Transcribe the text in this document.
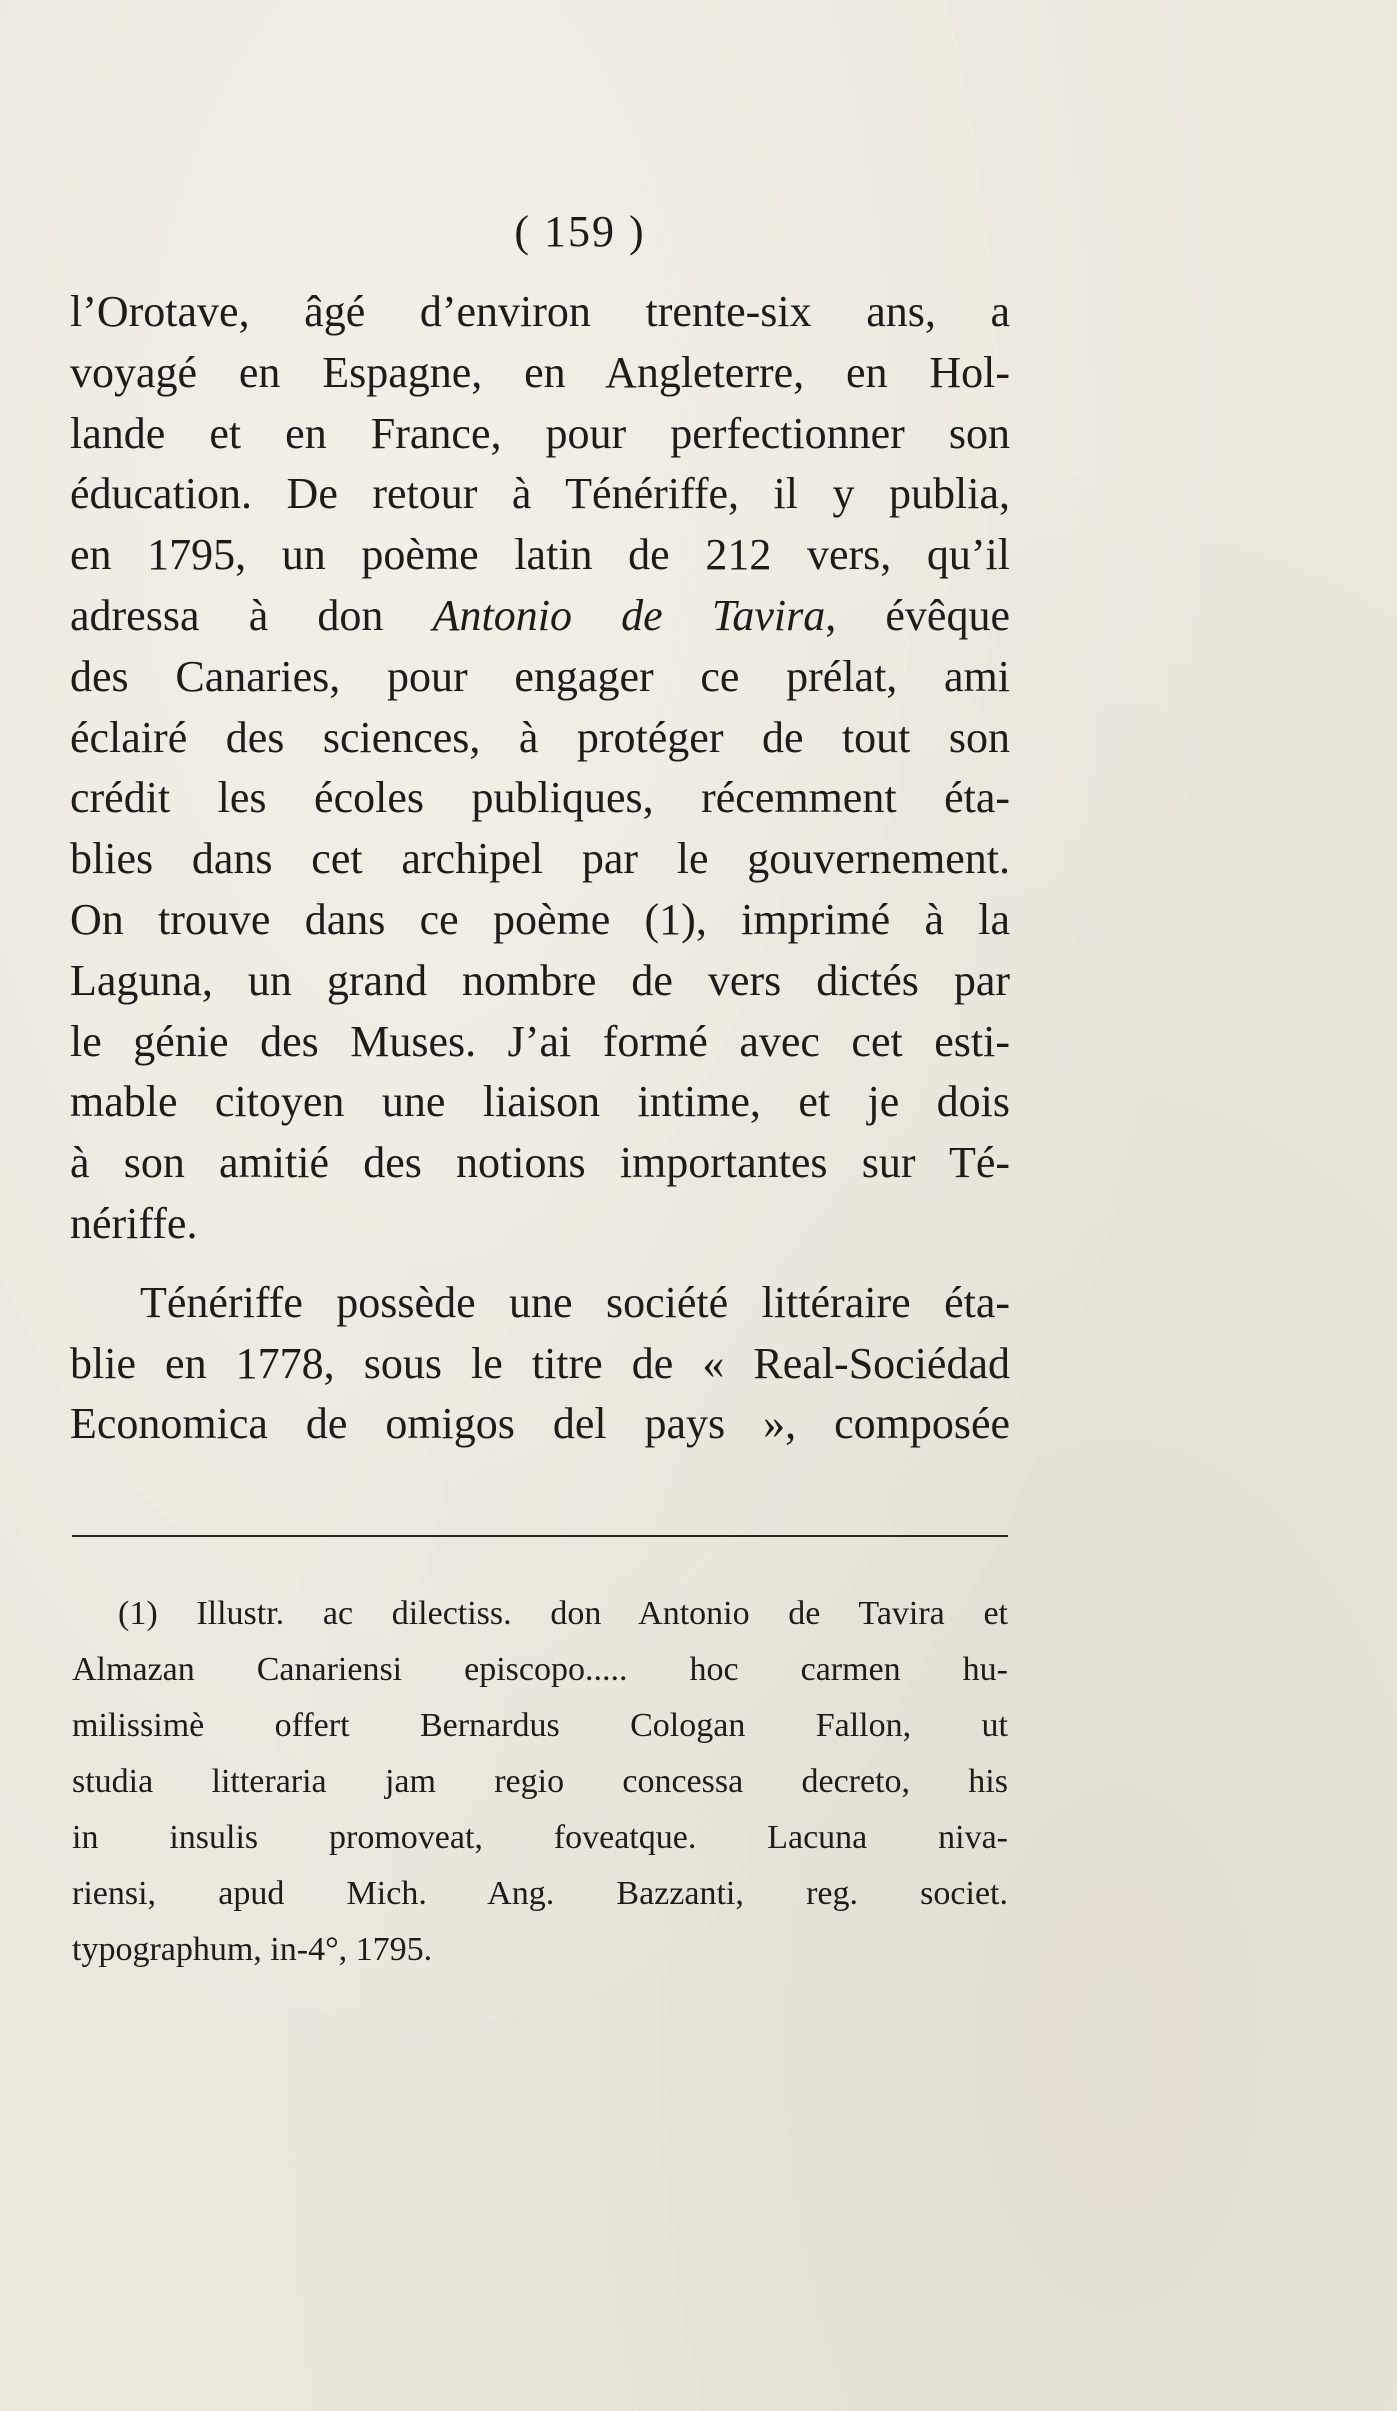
( 159 )
l’Orotave, âgé d’environ trente-six ans, a
voyagé en Espagne, en Angleterre, en Hol-
lande et en France, pour perfectionner son
éducation. De retour à Ténériffe, il y publia,
en 1795, un poème latin de 212 vers, qu’il
adressa à don Antonio de Tavira, évêque
des Canaries, pour engager ce prélat, ami
éclairé des sciences, à protéger de tout son
crédit les écoles publiques, récemment éta-
blies dans cet archipel par le gouvernement.
On trouve dans ce poème (1), imprimé à la
Laguna, un grand nombre de vers dictés par
le génie des Muses. J’ai formé avec cet esti-
mable citoyen une liaison intime, et je dois
à son amitié des notions importantes sur Té-
nériffe.
Ténériffe possède une société littéraire éta-
blie en 1778, sous le titre de « Real-Sociédad
Economica de omigos del pays », composée
(1) Illustr. ac dilectiss. don Antonio de Tavira et
Almazan Canariensi episcopo..... hoc carmen hu-
milissimè offert Bernardus Cologan Fallon, ut
studia litteraria jam regio concessa decreto, his
in insulis promoveat, foveatque. Lacuna niva-
riensi, apud Mich. Ang. Bazzanti, reg. societ.
typographum, in-4°, 1795.
